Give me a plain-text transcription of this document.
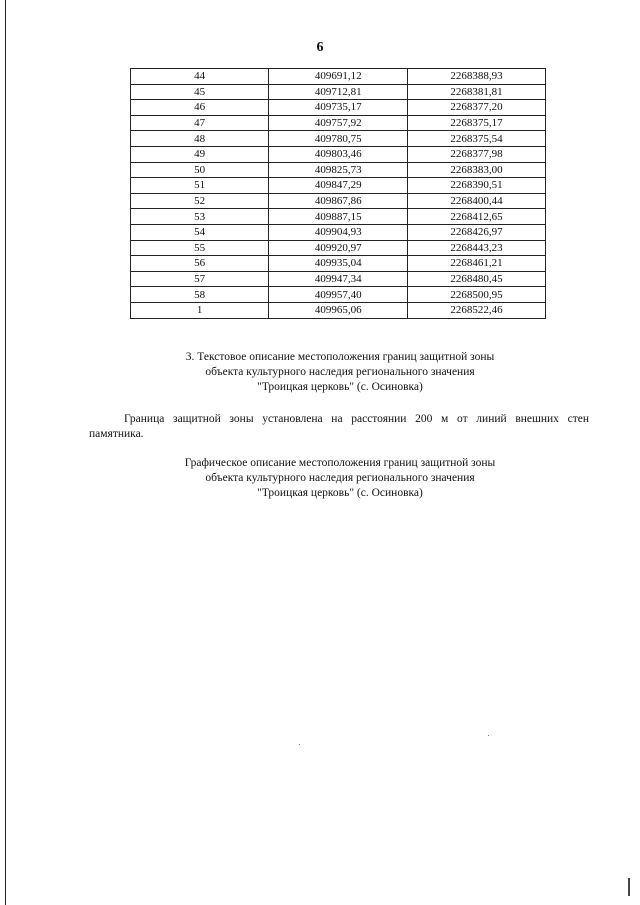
6
44	409691,12	2268388,93
45	409712,81	2268381,81
46	409735,17	2268377,20
47	409757,92	2268375,17
48	409780,75	2268375,54
49	409803,46	2268377,98
50	409825,73	2268383,00
51	409847,29	2268390,51
52	409867,86	2268400,44
53	409887,15	2268412,65
54	409904,93	2268426,97
55	409920,97	2268443,23
56	409935,04	2268461,21
57	409947,34	2268480,45
58	409957,40	2268500,95
1	409965,06	2268522,46
3. Текстовое описание местоположения границ защитной зоны
объекта культурного наследия регионального значения
"Троицкая церковь" (с. Осиновка)
Граница защитной зоны установлена на расстоянии 200 м от линий внешних стен
памятника.
Графическое описание местоположения границ защитной зоны
объекта культурного наследия регионального значения
"Троицкая церковь" (с. Осиновка)
